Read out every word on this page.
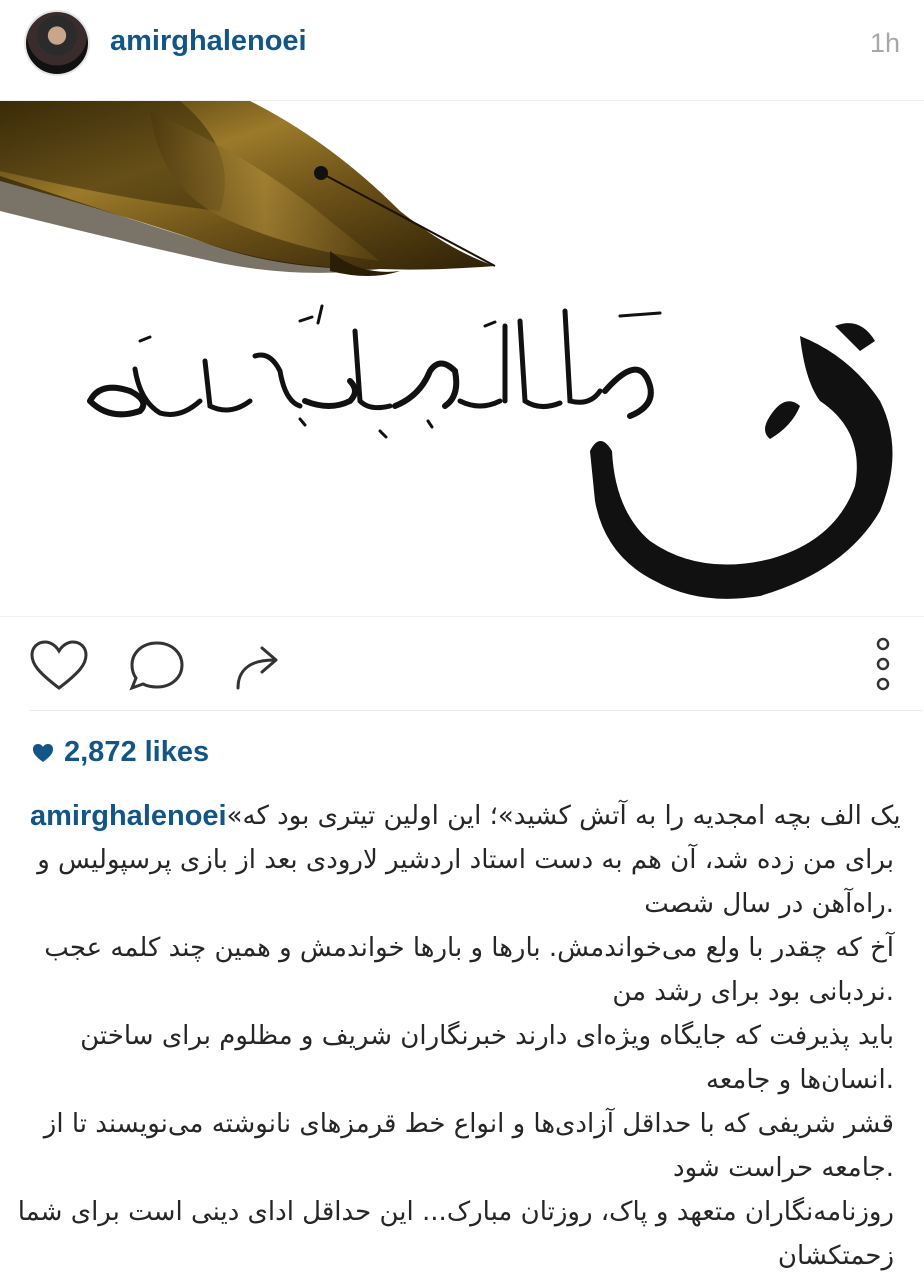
amirghalenoei	1h
2,872 likes
amirghalenoei یک الف بچه امجدیه را به آتش کشید»؛ این اولین تیتری بود که»
برای من زده شد، آن هم به دست استاد اردشیر لارودی بعد از بازی پرسپولیس و
.راه‌آهن در سال شصت
آخ که چقدر با ولع می‌خواندمش. بارها و بارها خواندمش و همین چند کلمه عجب
.نردبانی بود برای رشد من
باید پذیرفت که جایگاه ویژه‌ای دارند خبرنگاران شریف و مظلوم برای ساختن
.انسان‌ها و جامعه
قشر شریفی که با حداقل آزادی‌ها و انواع خط قرمزهای نانوشته می‌نویسند تا از
.جامعه حراست شود
روزنامه‌نگاران متعهد و پاک، روزتان مبارک... این حداقل ادای دینی است برای شما
زحمتکشان
